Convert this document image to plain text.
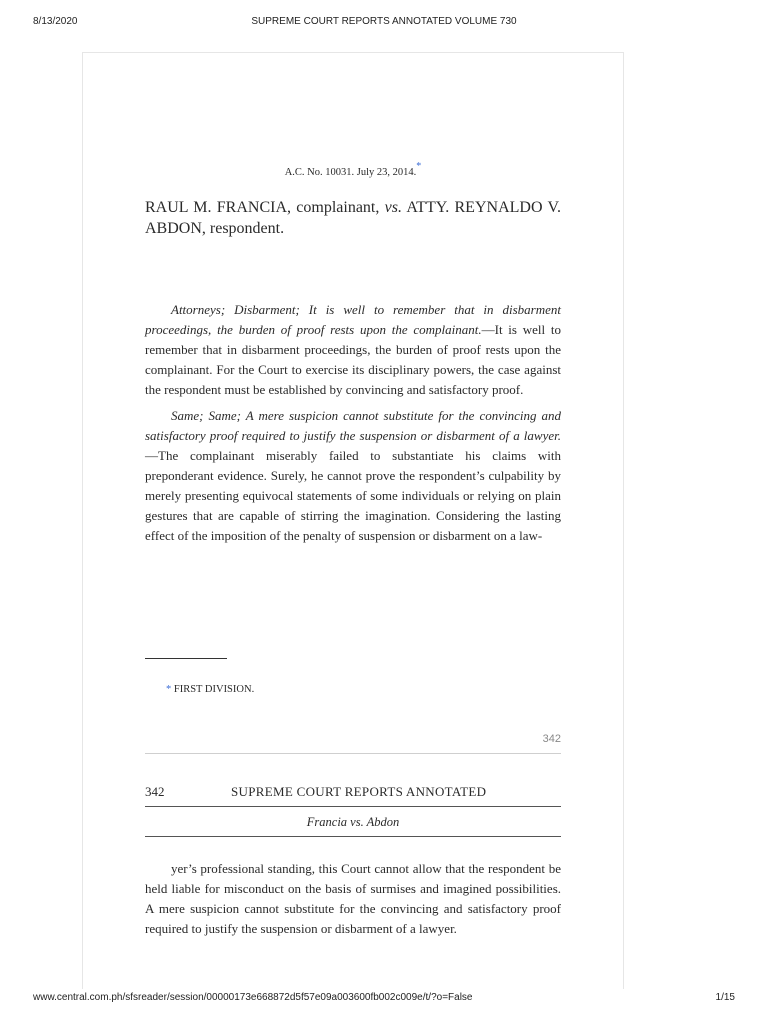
8/13/2020	SUPREME COURT REPORTS ANNOTATED VOLUME 730
A.C. No. 10031. July 23, 2014.*
RAUL M. FRANCIA, complainant, vs. ATTY. REYNALDO V. ABDON, respondent.

Attorneys; Disbarment; It is well to remember that in disbarment proceedings, the burden of proof rests upon the complainant.—It is well to remember that in disbarment proceedings, the burden of proof rests upon the complainant. For the Court to exercise its disciplinary powers, the case against the respondent must be established by convincing and satisfactory proof.

Same; Same; A mere suspicion cannot substitute for the convincing and satisfactory proof required to justify the suspension or disbarment of a lawyer.—The complainant miserably failed to substantiate his claims with preponderant evidence. Surely, he cannot prove the respondent’s culpability by merely presenting equivocal statements of some individuals or relying on plain gestures that are capable of stirring the imagination. Considering the lasting effect of the imposition of the penalty of suspension or disbarment on a law-

* FIRST DIVISION.
342
342	SUPREME COURT REPORTS ANNOTATED
Francia vs. Abdon

yer’s professional standing, this Court cannot allow that the respondent be held liable for misconduct on the basis of surmises and imagined possibilities. A mere suspicion cannot substitute for the convincing and satisfactory proof required to justify the suspension or disbarment of a lawyer.

www.central.com.ph/sfsreader/session/00000173e668872d5f57e09a003600fb002c009e/t/?o=False	1/15
